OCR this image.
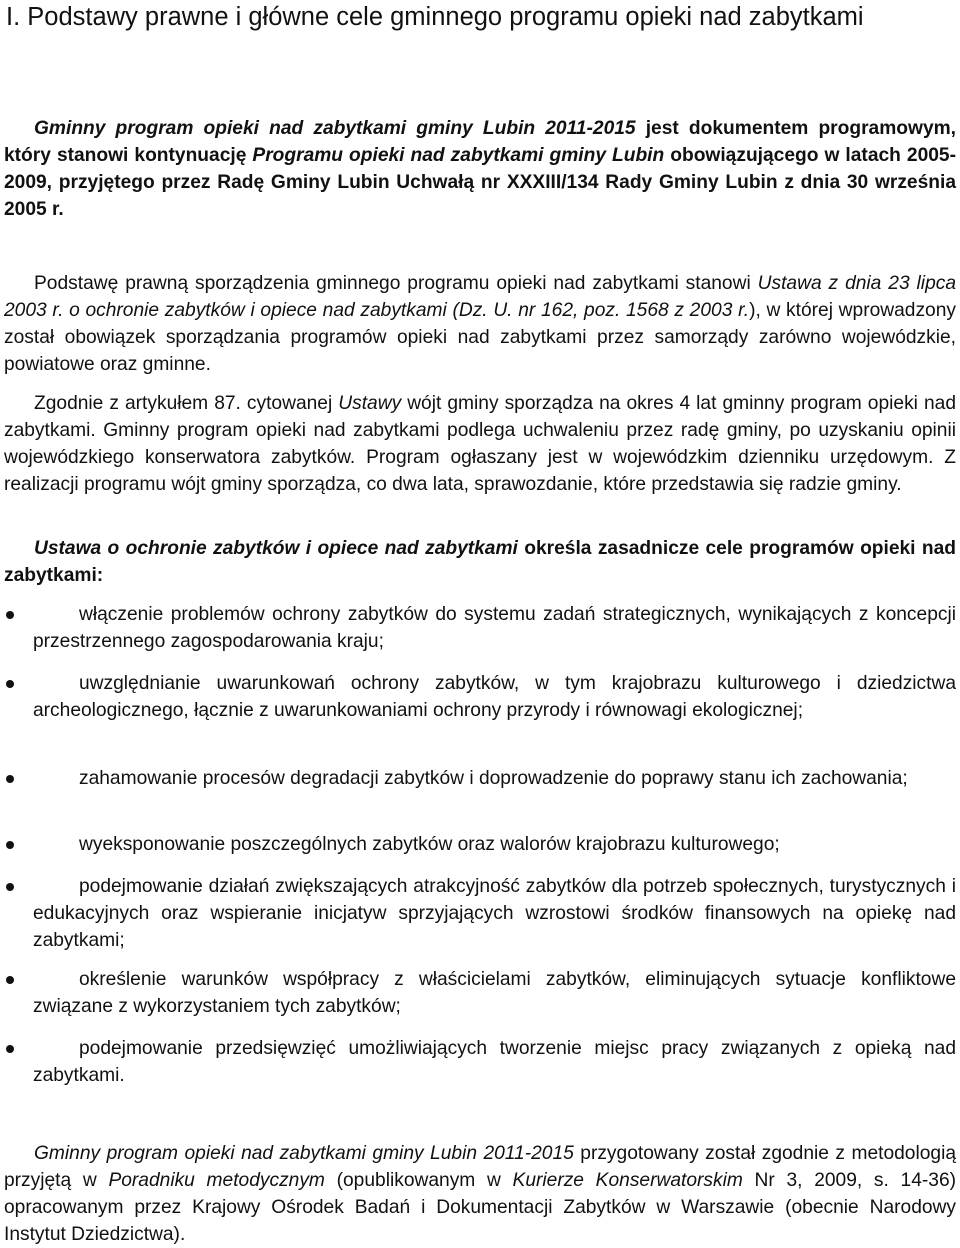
I. Podstawy prawne i główne cele gminnego programu opieki nad zabytkami

Gminny program opieki nad zabytkami gminy Lubin 2011-2015 jest dokumentem programowym, który stanowi kontynuację Programu opieki nad zabytkami gminy Lubin obowiązującego w latach 2005-2009, przyjętego przez Radę Gminy Lubin Uchwałą nr XXXIII/134 Rady Gminy Lubin z dnia 30 września 2005 r.

Podstawę prawną sporządzenia gminnego programu opieki nad zabytkami stanowi Ustawa z dnia 23 lipca 2003 r. o ochronie zabytków i opiece nad zabytkami (Dz. U. nr 162, poz. 1568 z 2003 r.), w której wprowadzony został obowiązek sporządzania programów opieki nad zabytkami przez samorządy zarówno wojewódzkie, powiatowe oraz gminne.

Zgodnie z artykułem 87. cytowanej Ustawy wójt gminy sporządza na okres 4 lat gminny program opieki nad zabytkami. Gminny program opieki nad zabytkami podlega uchwaleniu przez radę gminy, po uzyskaniu opinii wojewódzkiego konserwatora zabytków. Program ogłaszany jest w wojewódzkim dzienniku urzędowym. Z realizacji programu wójt gminy sporządza, co dwa lata, sprawozdanie, które przedstawia się radzie gminy.

Ustawa o ochronie zabytków i opiece nad zabytkami określa zasadnicze cele programów opieki nad zabytkami:

włączenie problemów ochrony zabytków do systemu zadań strategicznych, wynikających z koncepcji przestrzennego zagospodarowania kraju;
uwzględnianie uwarunkowań ochrony zabytków, w tym krajobrazu kulturowego i dziedzictwa archeologicznego, łącznie z uwarunkowaniami ochrony przyrody i równowagi ekologicznej;
zahamowanie procesów degradacji zabytków i doprowadzenie do poprawy stanu ich zachowania;
wyeksponowanie poszczególnych zabytków oraz walorów krajobrazu kulturowego;
podejmowanie działań zwiększających atrakcyjność zabytków dla potrzeb społecznych, turystycznych i edukacyjnych oraz wspieranie inicjatyw sprzyjających wzrostowi środków finansowych na opiekę nad zabytkami;
określenie warunków współpracy z właścicielami zabytków, eliminujących sytuacje konfliktowe związane z wykorzystaniem tych zabytków;
podejmowanie przedsięwzięć umożliwiających tworzenie miejsc pracy związanych z opieką nad zabytkami.

Gminny program opieki nad zabytkami gminy Lubin 2011-2015 przygotowany został zgodnie z metodologią przyjętą w Poradniku metodycznym (opublikowanym w Kurierze Konserwatorskim Nr 3, 2009, s. 14-36) opracowanym przez Krajowy Ośrodek Badań i Dokumentacji Zabytków w Warszawie (obecnie Narodowy Instytut Dziedzictwa).
